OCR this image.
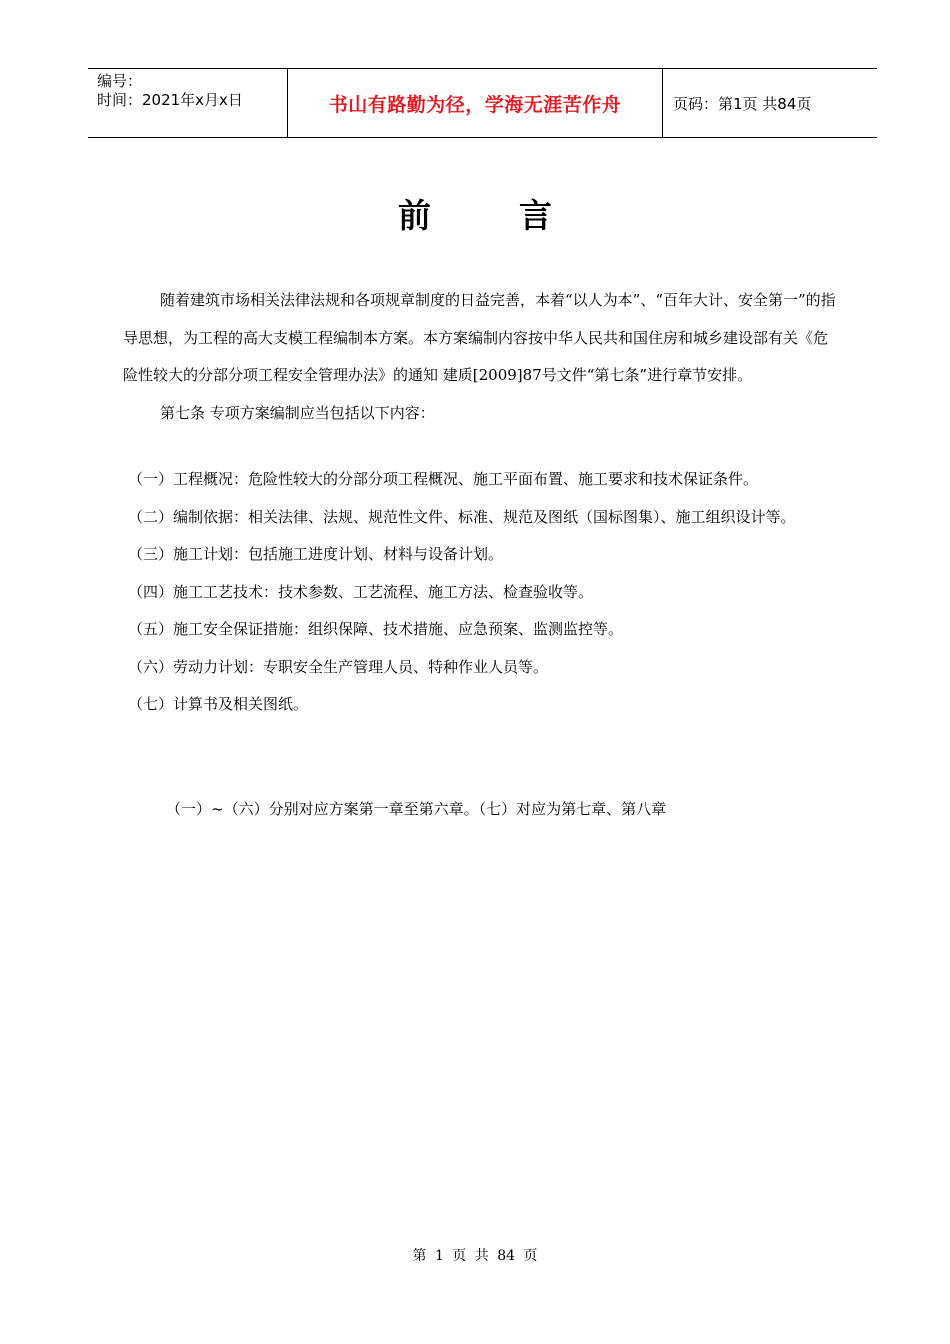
编号：
时间：2021年x月x日	书山有路勤为径，学海无涯苦作舟	页码：第1页 共84页
前言

随着建筑市场相关法律法规和各项规章制度的日益完善，本着“以人为本”、“百年大计、安全第一”的指导思想，为工程的高大支模工程编制本方案。本方案编制内容按中华人民共和国住房和城乡建设部有关《危险性较大的分部分项工程安全管理办法》的通知 建质[2009]87号文件“第七条”进行章节安排。

第七条 专项方案编制应当包括以下内容：

（一）工程概况：危险性较大的分部分项工程概况、施工平面布置、施工要求和技术保证条件。

（二）编制依据：相关法律、法规、规范性文件、标准、规范及图纸（国标图集）、施工组织设计等。

（三）施工计划：包括施工进度计划、材料与设备计划。

（四）施工工艺技术：技术参数、工艺流程、施工方法、检查验收等。

（五）施工安全保证措施：组织保障、技术措施、应急预案、监测监控等。

（六）劳动力计划：专职安全生产管理人员、特种作业人员等。

（七）计算书及相关图纸。

（一）~（六）分别对应方案第一章至第六章。（七）对应为第七章、第八章
第 1 页 共 84 页
